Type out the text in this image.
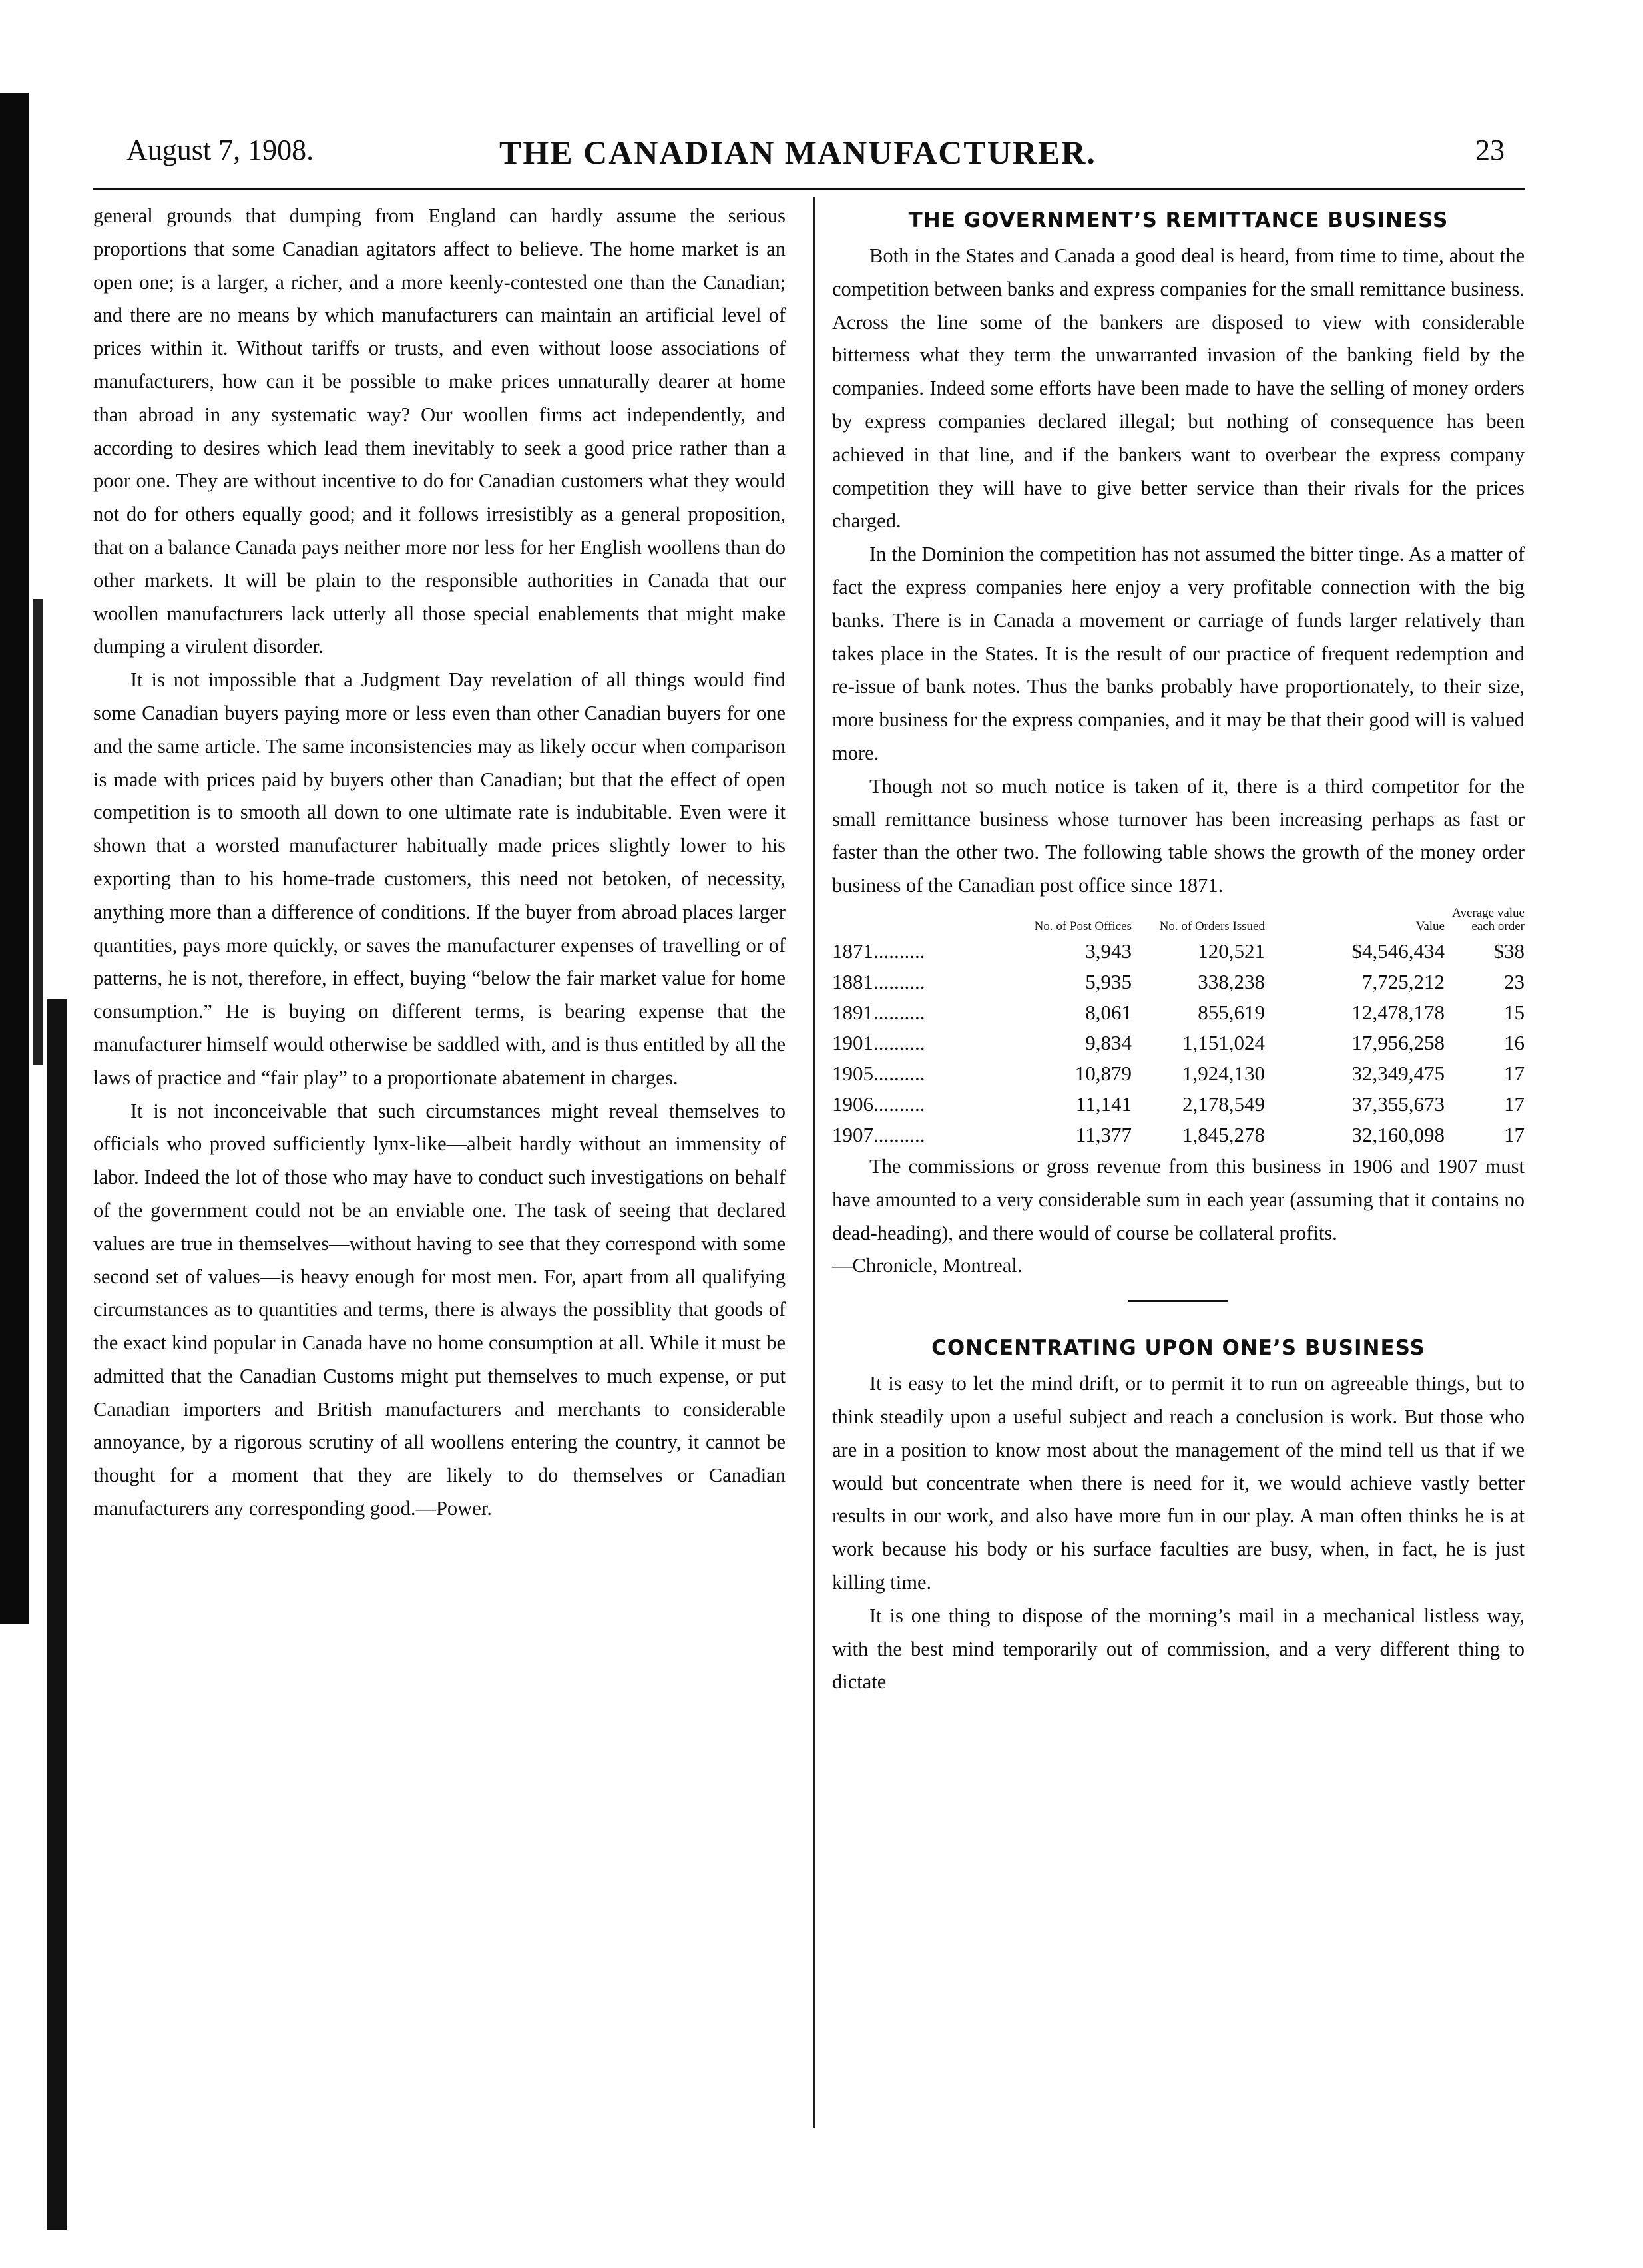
August 7, 1908.	THE CANADIAN MANUFACTURER.	23

general grounds that dumping from England can hardly assume the serious proportions that some Canadian agitators affect to believe. The home market is an open one; is a larger, a richer, and a more keenly-contested one than the Canadian; and there are no means by which manufacturers can maintain an artificial level of prices within it. Without tariffs or trusts, and even without loose associations of manufacturers, how can it be possible to make prices unnaturally dearer at home than abroad in any systematic way? Our woollen firms act independently, and according to desires which lead them inevitably to seek a good price rather than a poor one. They are without incentive to do for Canadian customers what they would not do for others equally good; and it follows irresistibly as a general proposition, that on a balance Canada pays neither more nor less for her English woollens than do other markets. It will be plain to the responsible authorities in Canada that our woollen manufacturers lack utterly all those special enablements that might make dumping a virulent disorder.

It is not impossible that a Judgment Day revelation of all things would find some Canadian buyers paying more or less even than other Canadian buyers for one and the same article. The same inconsistencies may as likely occur when comparison is made with prices paid by buyers other than Canadian; but that the effect of open competition is to smooth all down to one ultimate rate is indubitable. Even were it shown that a worsted manufacturer habitually made prices slightly lower to his exporting than to his home-trade customers, this need not betoken, of necessity, anything more than a difference of conditions. If the buyer from abroad places larger quantities, pays more quickly, or saves the manufacturer expenses of travelling or of patterns, he is not, therefore, in effect, buying “below the fair market value for home consumption.” He is buying on different terms, is bearing expense that the manufacturer himself would otherwise be saddled with, and is thus entitled by all the laws of practice and “fair play” to a proportionate abatement in charges.

It is not inconceivable that such circumstances might reveal themselves to officials who proved sufficiently lynx-like—albeit hardly without an immensity of labor. Indeed the lot of those who may have to conduct such investigations on behalf of the government could not be an enviable one. The task of seeing that declared values are true in themselves—without having to see that they correspond with some second set of values—is heavy enough for most men. For, apart from all qualifying circumstances as to quantities and terms, there is always the possiblity that goods of the exact kind popular in Canada have no home consumption at all. While it must be admitted that the Canadian Customs might put themselves to much expense, or put Canadian importers and British manufacturers and merchants to considerable annoyance, by a rigorous scrutiny of all woollens entering the country, it cannot be thought for a moment that they are likely to do themselves or Canadian manufacturers any corresponding good.—Power.

THE GOVERNMENT’S REMITTANCE BUSINESS

Both in the States and Canada a good deal is heard, from time to time, about the competition between banks and express companies for the small remittance business. Across the line some of the bankers are disposed to view with considerable bitterness what they term the unwarranted invasion of the banking field by the companies. Indeed some efforts have been made to have the selling of money orders by express companies declared illegal; but nothing of consequence has been achieved in that line, and if the bankers want to overbear the express company competition they will have to give better service than their rivals for the prices charged.

In the Dominion the competition has not assumed the bitter tinge. As a matter of fact the express companies here enjoy a very profitable connection with the big banks. There is in Canada a movement or carriage of funds larger relatively than takes place in the States. It is the result of our practice of frequent redemption and re-issue of bank notes. Thus the banks probably have proportionately, to their size, more business for the express companies, and it may be that their good will is valued more.

Though not so much notice is taken of it, there is a third competitor for the small remittance business whose turnover has been increasing perhaps as fast or faster than the other two. The following table shows the growth of the money order business of the Canadian post office since 1871.

	No. of Post Offices	No. of Orders Issued	Value	Average value each order
1871..........	3,943	120,521	$4,546,434	$38
1881..........	5,935	338,238	7,725,212	23
1891..........	8,061	855,619	12,478,178	15
1901..........	9,834	1,151,024	17,956,258	16
1905..........	10,879	1,924,130	32,349,475	17
1906..........	11,141	2,178,549	37,355,673	17
1907..........	11,377	1,845,278	32,160,098	17

The commissions or gross revenue from this business in 1906 and 1907 must have amounted to a very considerable sum in each year (assuming that it contains no dead-heading), and there would of course be collateral profits.

—Chronicle, Montreal.

CONCENTRATING UPON ONE’S BUSINESS

It is easy to let the mind drift, or to permit it to run on agreeable things, but to think steadily upon a useful subject and reach a conclusion is work. But those who are in a position to know most about the management of the mind tell us that if we would but concentrate when there is need for it, we would achieve vastly better results in our work, and also have more fun in our play. A man often thinks he is at work because his body or his surface faculties are busy, when, in fact, he is just killing time.

It is one thing to dispose of the morning’s mail in a mechanical listless way, with the best mind temporarily out of commission, and a very different thing to dictate
